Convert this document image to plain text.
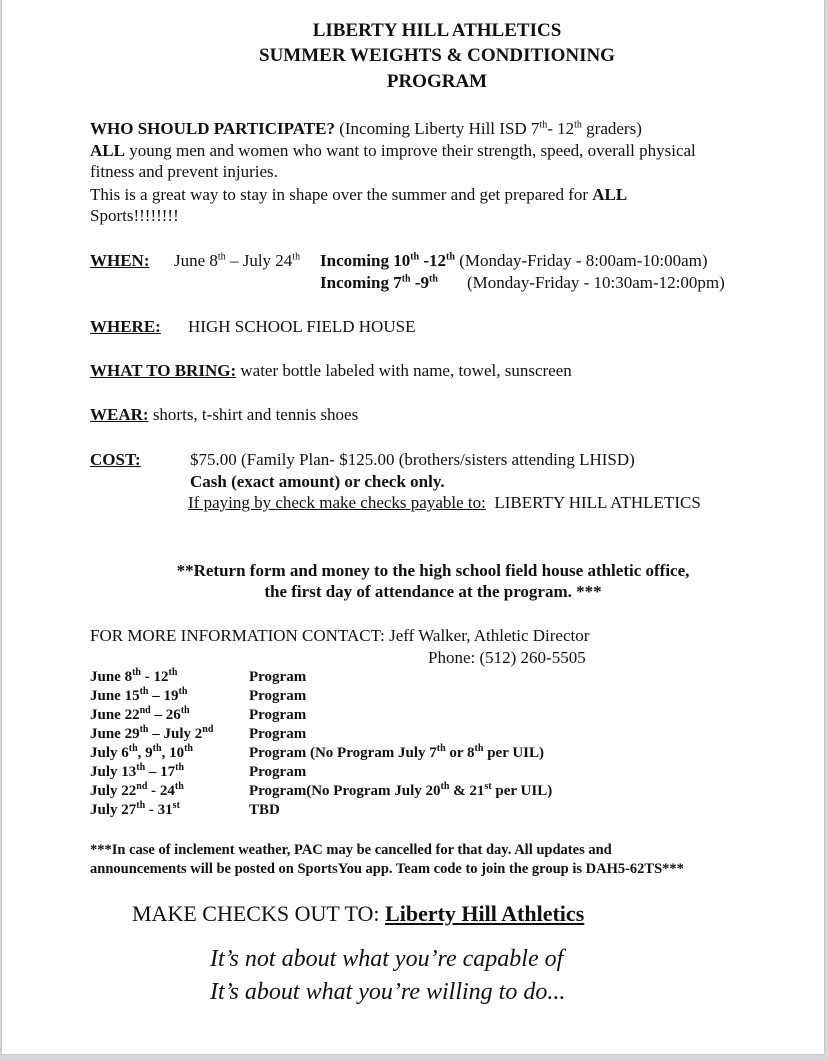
LIBERTY HILL ATHLETICS
SUMMER WEIGHTS & CONDITIONING
PROGRAM
WHO SHOULD PARTICIPATE? (Incoming Liberty Hill ISD 7th- 12th graders)
ALL young men and women who want to improve their strength, speed, overall physical
fitness and prevent injuries.
This is a great way to stay in shape over the summer and get prepared for ALL
Sports!!!!!!!!
WHEN: June 8th – July 24th Incoming 10th -12th (Monday-Friday - 8:00am-10:00am)
Incoming 7th -9th (Monday-Friday - 10:30am-12:00pm)
WHERE: HIGH SCHOOL FIELD HOUSE
WHAT TO BRING: water bottle labeled with name, towel, sunscreen
WEAR: shorts, t-shirt and tennis shoes
COST:	$75.00 (Family Plan- $125.00 (brothers/sisters attending LHISD)
Cash (exact amount) or check only.
If paying by check make checks payable to:  LIBERTY HILL ATHLETICS
**Return form and money to the high school field house athletic office,
the first day of attendance at the program. ***
FOR MORE INFORMATION CONTACT: Jeff Walker, Athletic Director
Phone: (512) 260-5505
June 8th - 12th	Program
June 15th – 19th	Program
June 22nd – 26th	Program
June 29th – July 2nd Program
July 6th, 9th, 10th	Program (No Program July 7th or 8th per UIL)
July 13th – 17th	Program
July 22nd - 24th	Program(No Program July 20th & 21st per UIL)
July 27th - 31st	TBD
***In case of inclement weather, PAC may be cancelled for that day. All updates and
announcements will be posted on SportsYou app. Team code to join the group is DAH5-62TS***
MAKE CHECKS OUT TO: Liberty Hill Athletics
It’s not about what you’re capable of
It’s about what you’re willing to do...
